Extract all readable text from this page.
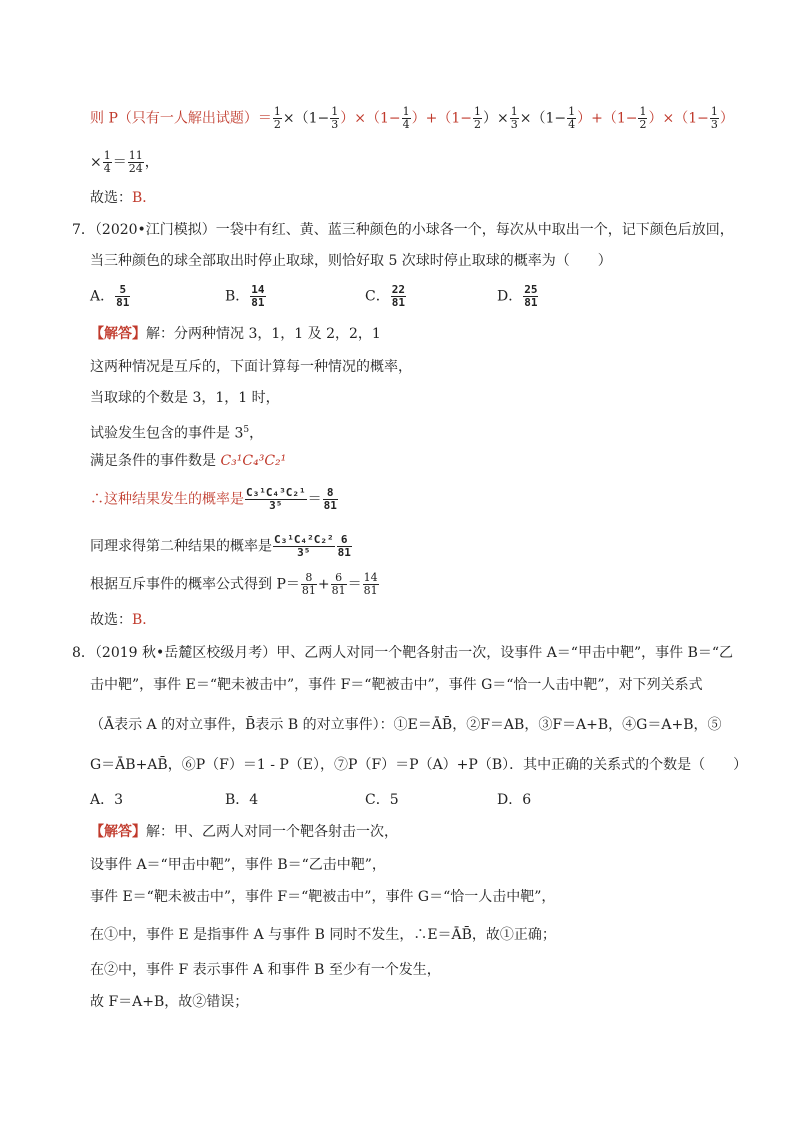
则 P（只有一人解出试题）＝ $\frac{1}{2} \times(1- \frac{1}{3} )\times(1- \frac{1}{4} )+(1- \frac{1}{2}$ ）× $\frac{1}{3} \times(1- \frac{1}{4} )+(1- \frac{1}{2} )\times(1- \frac{1}{3}$ ）
× $\frac{1}{4} = \frac{11}{24}$ ，
故选：B．
7．（2020•江门模拟）一袋中有红、黄、蓝三种颜色的小球各一个，每次从中取出一个，记下颜色后放回，
当三种颜色的球全部取出时停止取球，则恰好取 5 次球时停止取球的概率为（　　）
A． $\frac{5}{81}$	B． $\frac{14}{81}$	C． $\frac{22}{81}$	D． $\frac{25}{81}$
【解答】解：分两种情况 3，1，1 及 2，2，1
这两种情况是互斥的，下面计算每一种情况的概率，
当取球的个数是 3，1，1 时，
试验发生包含的事件是 $3^5$，
满足条件的事件数是 C₃¹C₄³C₂¹
∴这种结果发生的概率是 $\frac{\text{C₃¹C₄³C₂¹}}{\text{3⁵}} = \frac{8}{81}$
同理求得第二种结果的概率是 $\frac{\text{C₃¹C₄²C₂²}}{\text{3⁵}} \frac{6}{81}$
根据互斥事件的概率公式得到 $P= \frac{8}{81} + \frac{6}{81} = \frac{14}{81}$
故选：B．
8．（2019 秋•岳麓区校级月考）甲、乙两人对同一个靶各射击一次，设事件 A＝“甲击中靶”，事件 B＝“乙
击中靶”，事件 E＝“靶未被击中”，事件 F＝“靶被击中”，事件 G＝“恰一人击中靶”，对下列关系式
（Ā表示 A 的对立事件，B̄表示 B 的对立事件）：①E＝ĀB̄，②F＝AB，③F＝A+B，④G＝A+B，⑤
G＝ĀB+AB̄，⑥P（F）＝1 - P（E），⑦P（F）＝P（A）+P（B）．其中正确的关系式的个数是（　　）
A．3	B．4	C．5	D．6
【解答】解：甲、乙两人对同一个靶各射击一次，
设事件 A＝“甲击中靶”，事件 B＝“乙击中靶”，
事件 E＝“靶未被击中”，事件 F＝“靶被击中”，事件 G＝“恰一人击中靶”，
在①中，事件 E 是指事件 A 与事件 B 同时不发生，∴E＝ĀB̄，故①正确；
在②中，事件 F 表示事件 A 和事件 B 至少有一个发生，
故 F＝A+B，故②错误；
